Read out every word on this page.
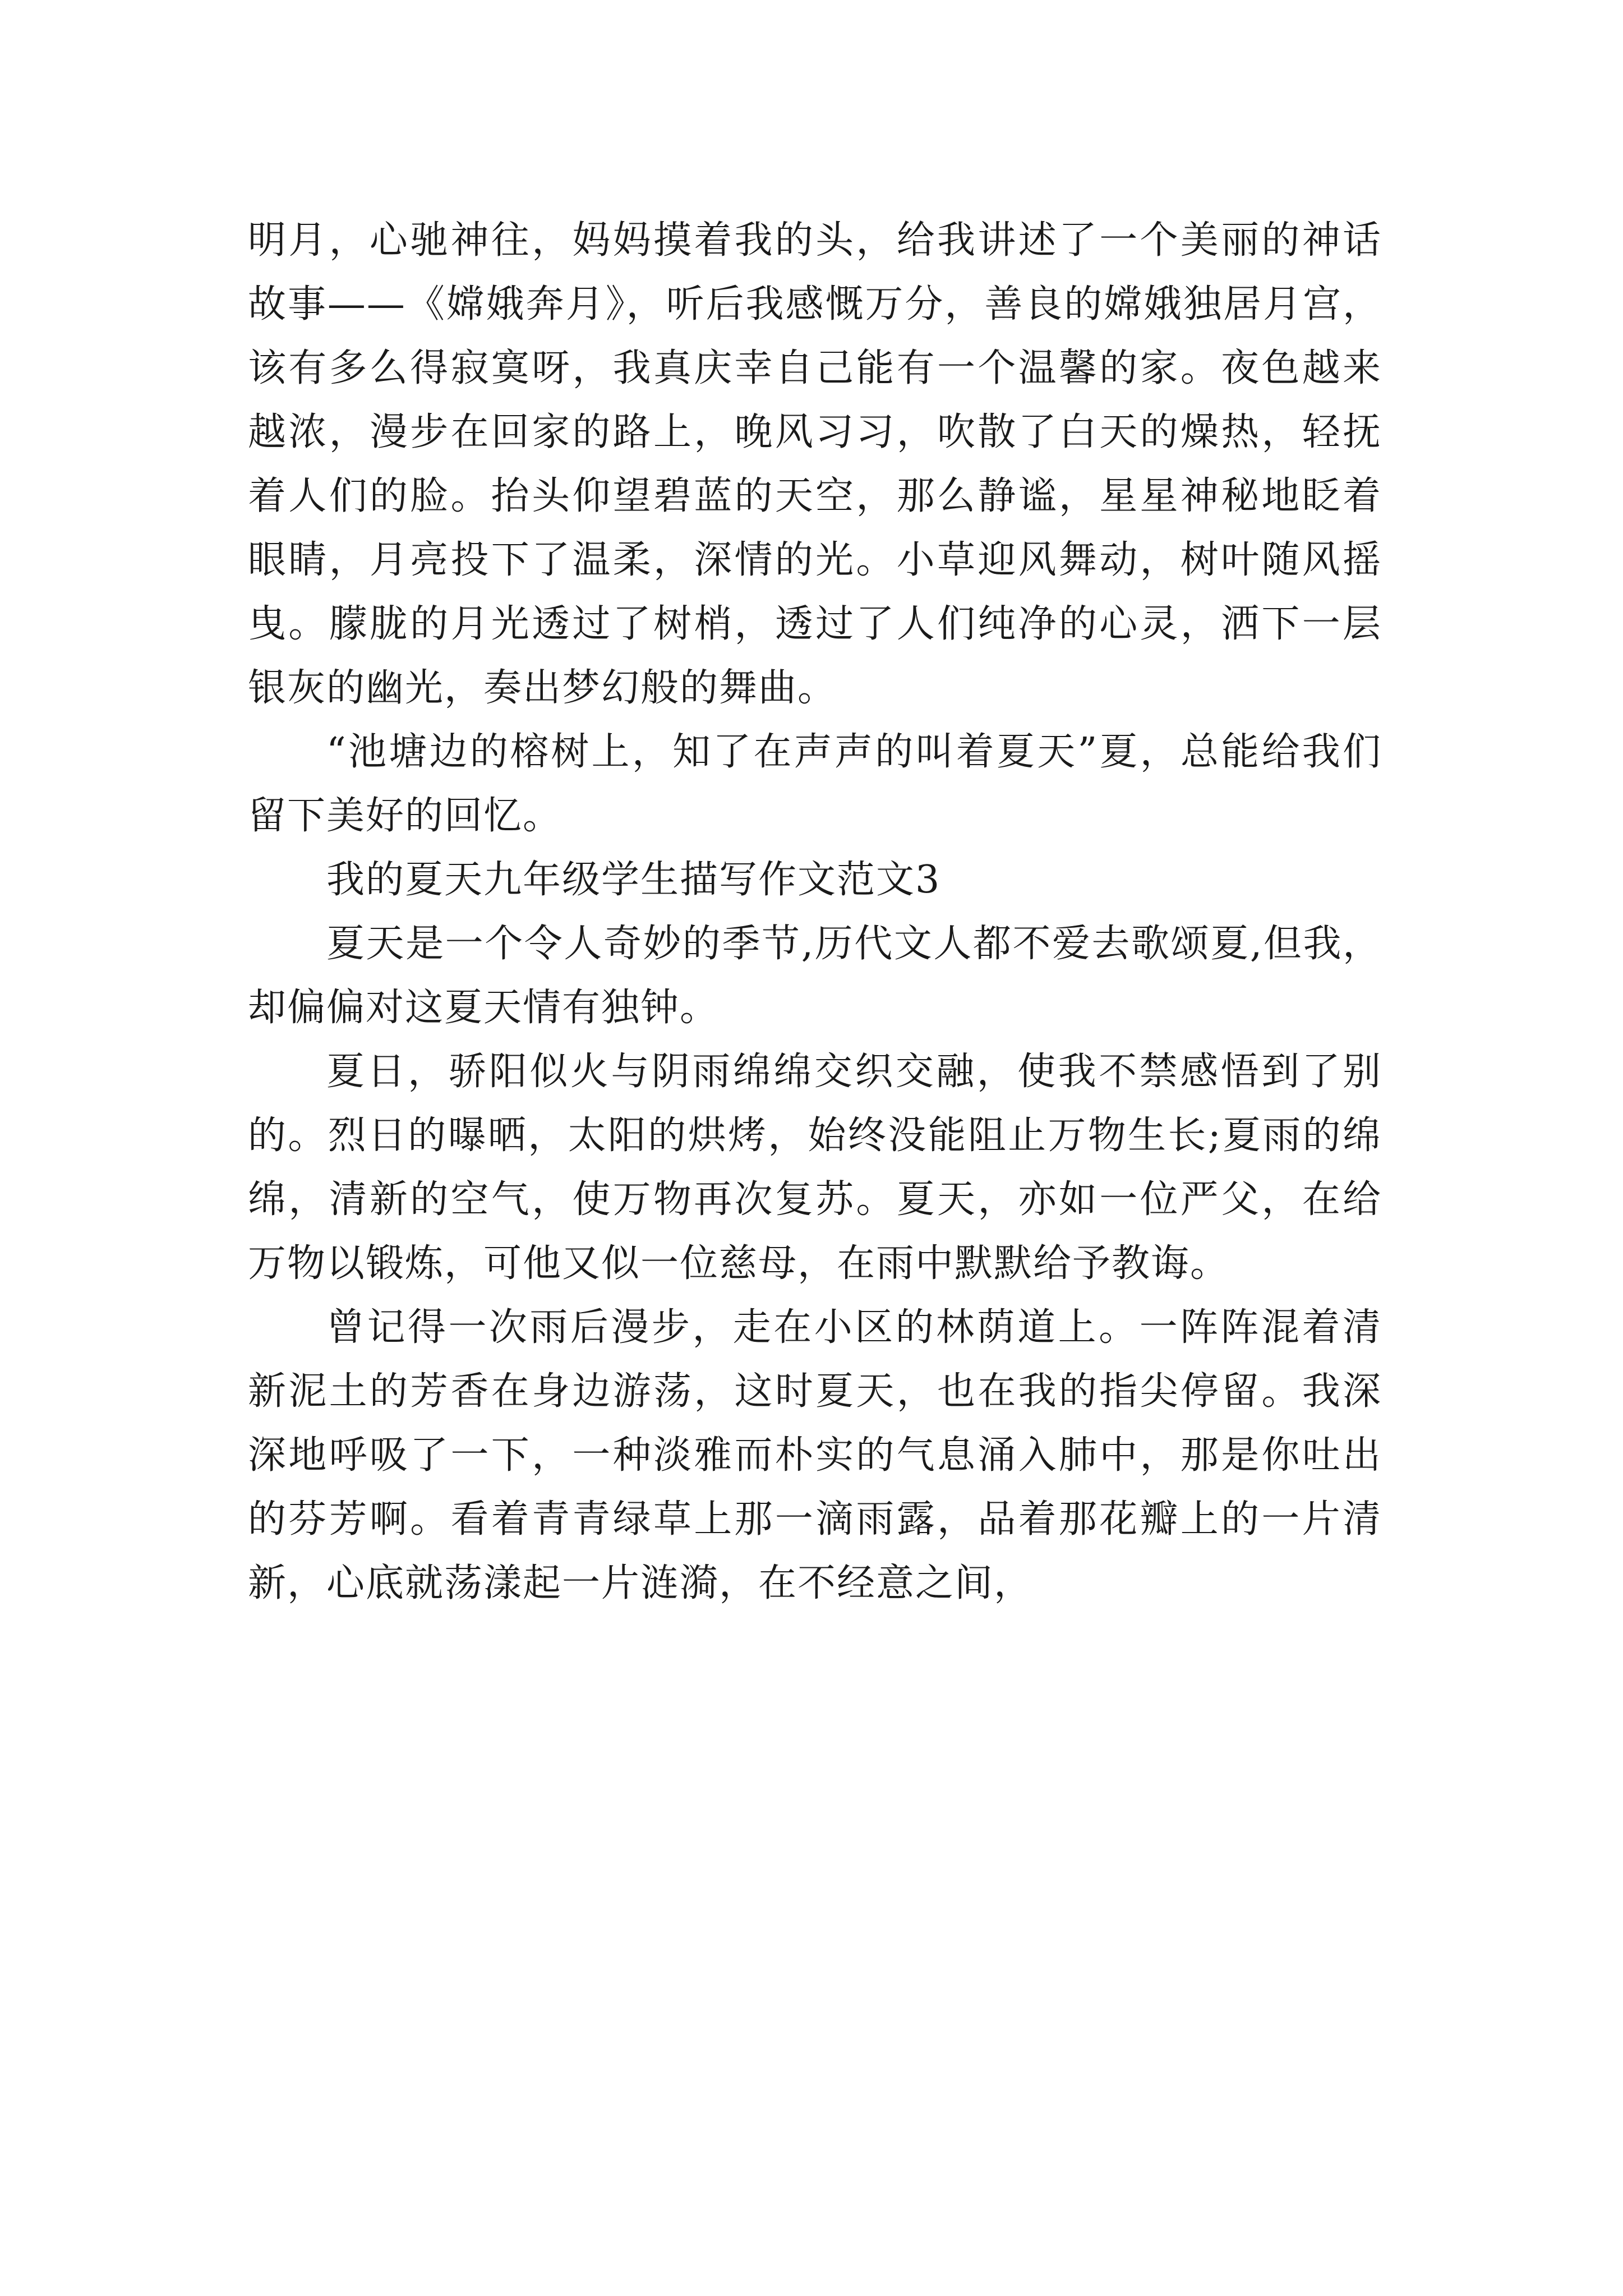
明月，心驰神往，妈妈摸着我的头，给我讲述了一个美丽的神话故事——《嫦娥奔月》，听后我感慨万分，善良的嫦娥独居月宫，该有多么得寂寞呀，我真庆幸自己能有一个温馨的家。夜色越来越浓，漫步在回家的路上，晚风习习，吹散了白天的燥热，轻抚着人们的脸。抬头仰望碧蓝的天空，那么静谧，星星神秘地眨着眼睛，月亮投下了温柔，深情的光。小草迎风舞动，树叶随风摇曳。朦胧的月光透过了树梢，透过了人们纯净的心灵，洒下一层银灰的幽光，奏出梦幻般的舞曲。

“池塘边的榕树上，知了在声声的叫着夏天”夏，总能给我们留下美好的回忆。

我的夏天九年级学生描写作文范文3

夏天是一个令人奇妙的季节,历代文人都不爱去歌颂夏,但我，却偏偏对这夏天情有独钟。

夏日，骄阳似火与阴雨绵绵交织交融，使我不禁感悟到了别的。烈日的曝晒，太阳的烘烤，始终没能阻止万物生长;夏雨的绵绵，清新的空气，使万物再次复苏。夏天，亦如一位严父，在给万物以锻炼，可他又似一位慈母，在雨中默默给予教诲。

曾记得一次雨后漫步，走在小区的林荫道上。一阵阵混着清新泥土的芳香在身边游荡，这时夏天，也在我的指尖停留。我深深地呼吸了一下，一种淡雅而朴实的气息涌入肺中，那是你吐出的芬芳啊。看着青青绿草上那一滴雨露，品着那花瓣上的一片清新，心底就荡漾起一片涟漪，在不经意之间，
